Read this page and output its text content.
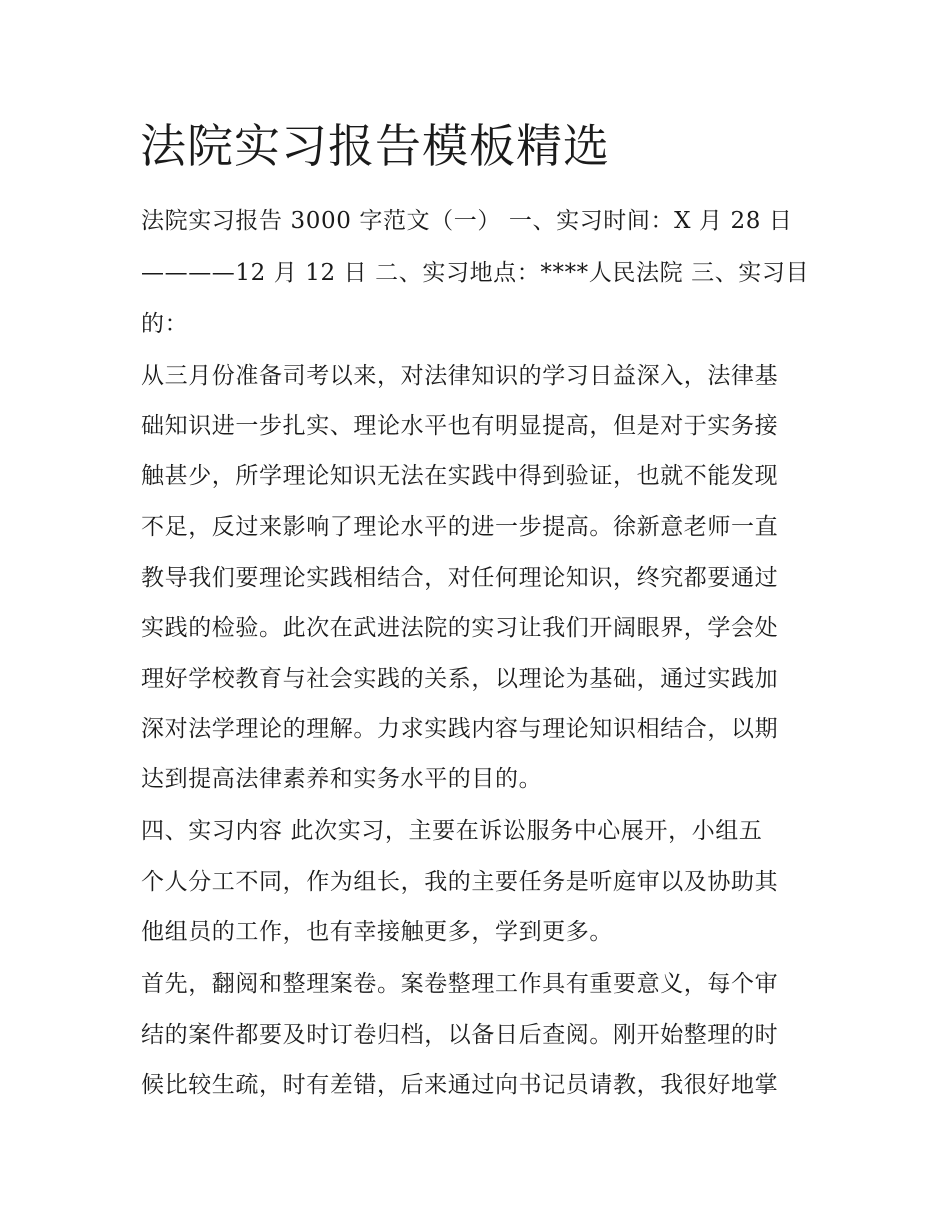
法院实习报告模板精选
法院实习报告 3000 字范文（一） 一、实习时间：X 月 28 日
————12 月 12 日 二、实习地点：****人民法院 三、实习目
的：
从三月份准备司考以来，对法律知识的学习日益深入，法律基
础知识进一步扎实、理论水平也有明显提高，但是对于实务接
触甚少，所学理论知识无法在实践中得到验证，也就不能发现
不足，反过来影响了理论水平的进一步提高。徐新意老师一直
教导我们要理论实践相结合，对任何理论知识，终究都要通过
实践的检验。此次在武进法院的实习让我们开阔眼界，学会处
理好学校教育与社会实践的关系，以理论为基础，通过实践加
深对法学理论的理解。力求实践内容与理论知识相结合，以期
达到提高法律素养和实务水平的目的。
四、实习内容 此次实习，主要在诉讼服务中心展开，小组五
个人分工不同，作为组长，我的主要任务是听庭审以及协助其
他组员的工作，也有幸接触更多，学到更多。
首先，翻阅和整理案卷。案卷整理工作具有重要意义，每个审
结的案件都要及时订卷归档，以备日后查阅。刚开始整理的时
候比较生疏，时有差错，后来通过向书记员请教，我很好地掌
